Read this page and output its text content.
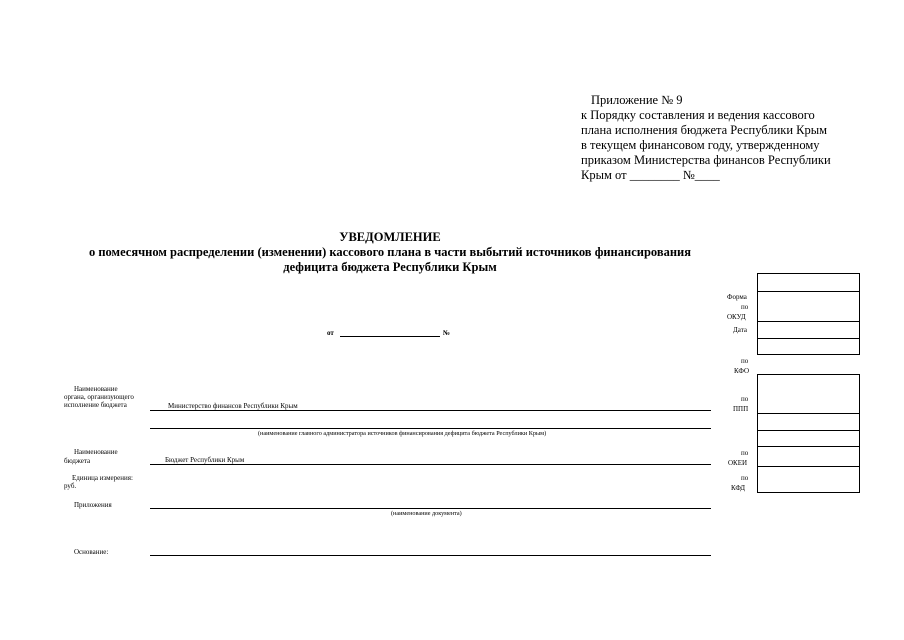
Приложение № 9
к Порядку составления и ведения кассового
плана исполнения бюджета Республики Крым
в текущем финансовом году, утвержденному
приказом Министерства финансов Республики
Крым от ________ №____
УВЕДОМЛЕНИЕ
о помесячном распределении (изменении) кассового плана в части выбытий источников финансирования
дефицита бюджета Республики Крым
от	№
Форма
по
ОКУД
Дата
по
КФО
по
ППП
по
ОКЕИ
по
КФД
Наименование
органа, организующего
исполнение бюджета	Министерство финансов Республики Крым
(наименование главного администратора источников финансирования дефицита бюджета Республики Крым)
Наименование
бюджета	Бюджет Республики Крым
Единица измерения:
руб.
Приложения
(наименование документа)
Основание:
